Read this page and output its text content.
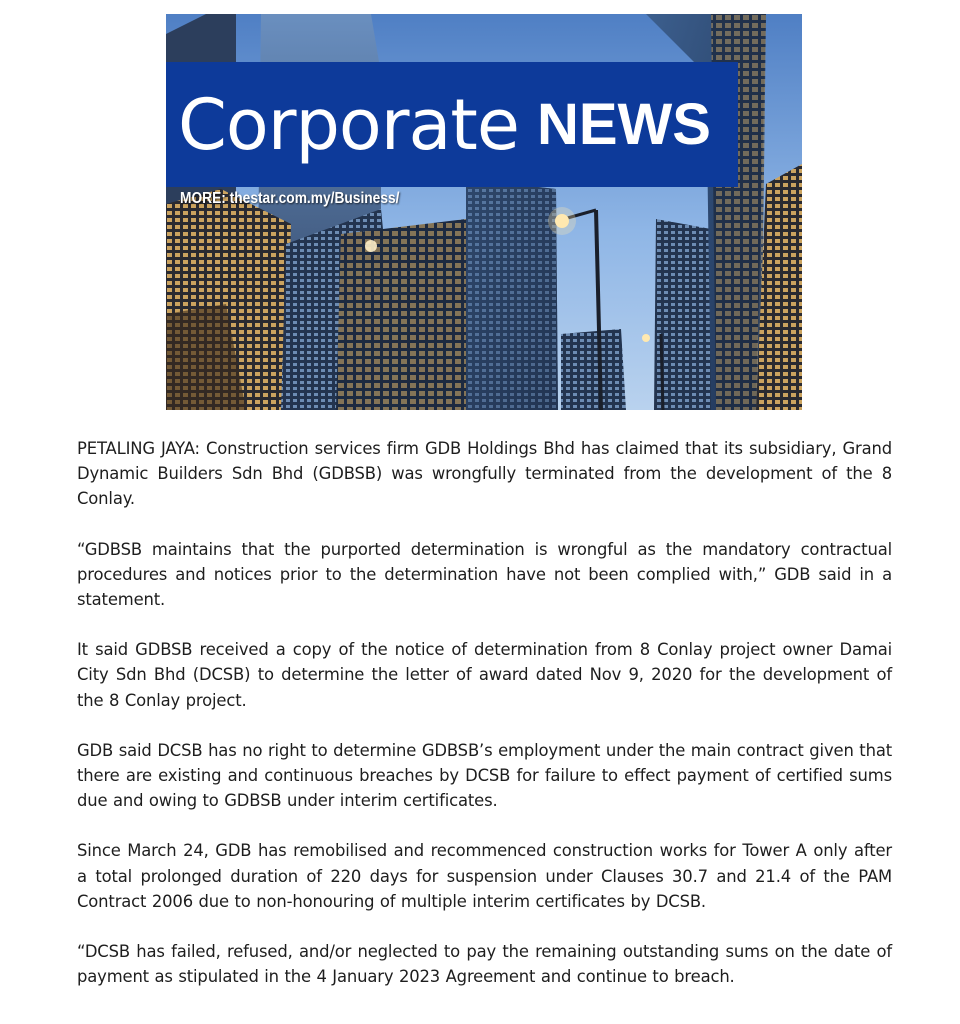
Corporate NEWS
MORE: thestar.com.my/Business/

PETALING JAYA: Construction services firm GDB Holdings Bhd has claimed that its subsidiary, Grand Dynamic Builders Sdn Bhd (GDBSB) was wrongfully terminated from the development of the 8 Conlay.

“GDBSB maintains that the purported determination is wrongful as the mandatory contractual procedures and notices prior to the determination have not been complied with,” GDB said in a statement.

It said GDBSB received a copy of the notice of determination from 8 Conlay project owner Damai City Sdn Bhd (DCSB) to determine the letter of award dated Nov 9, 2020 for the development of the 8 Conlay project.

GDB said DCSB has no right to determine GDBSB’s employment under the main contract given that there are existing and continuous breaches by DCSB for failure to effect payment of certified sums due and owing to GDBSB under interim certificates.

Since March 24, GDB has remobilised and recommenced construction works for Tower A only after a total prolonged duration of 220 days for suspension under Clauses 30.7 and 21.4 of the PAM Contract 2006 due to non-honouring of multiple interim certificates by DCSB.

“DCSB has failed, refused, and/or neglected to pay the remaining outstanding sums on the date of payment as stipulated in the 4 January 2023 Agreement and continue to breach.
